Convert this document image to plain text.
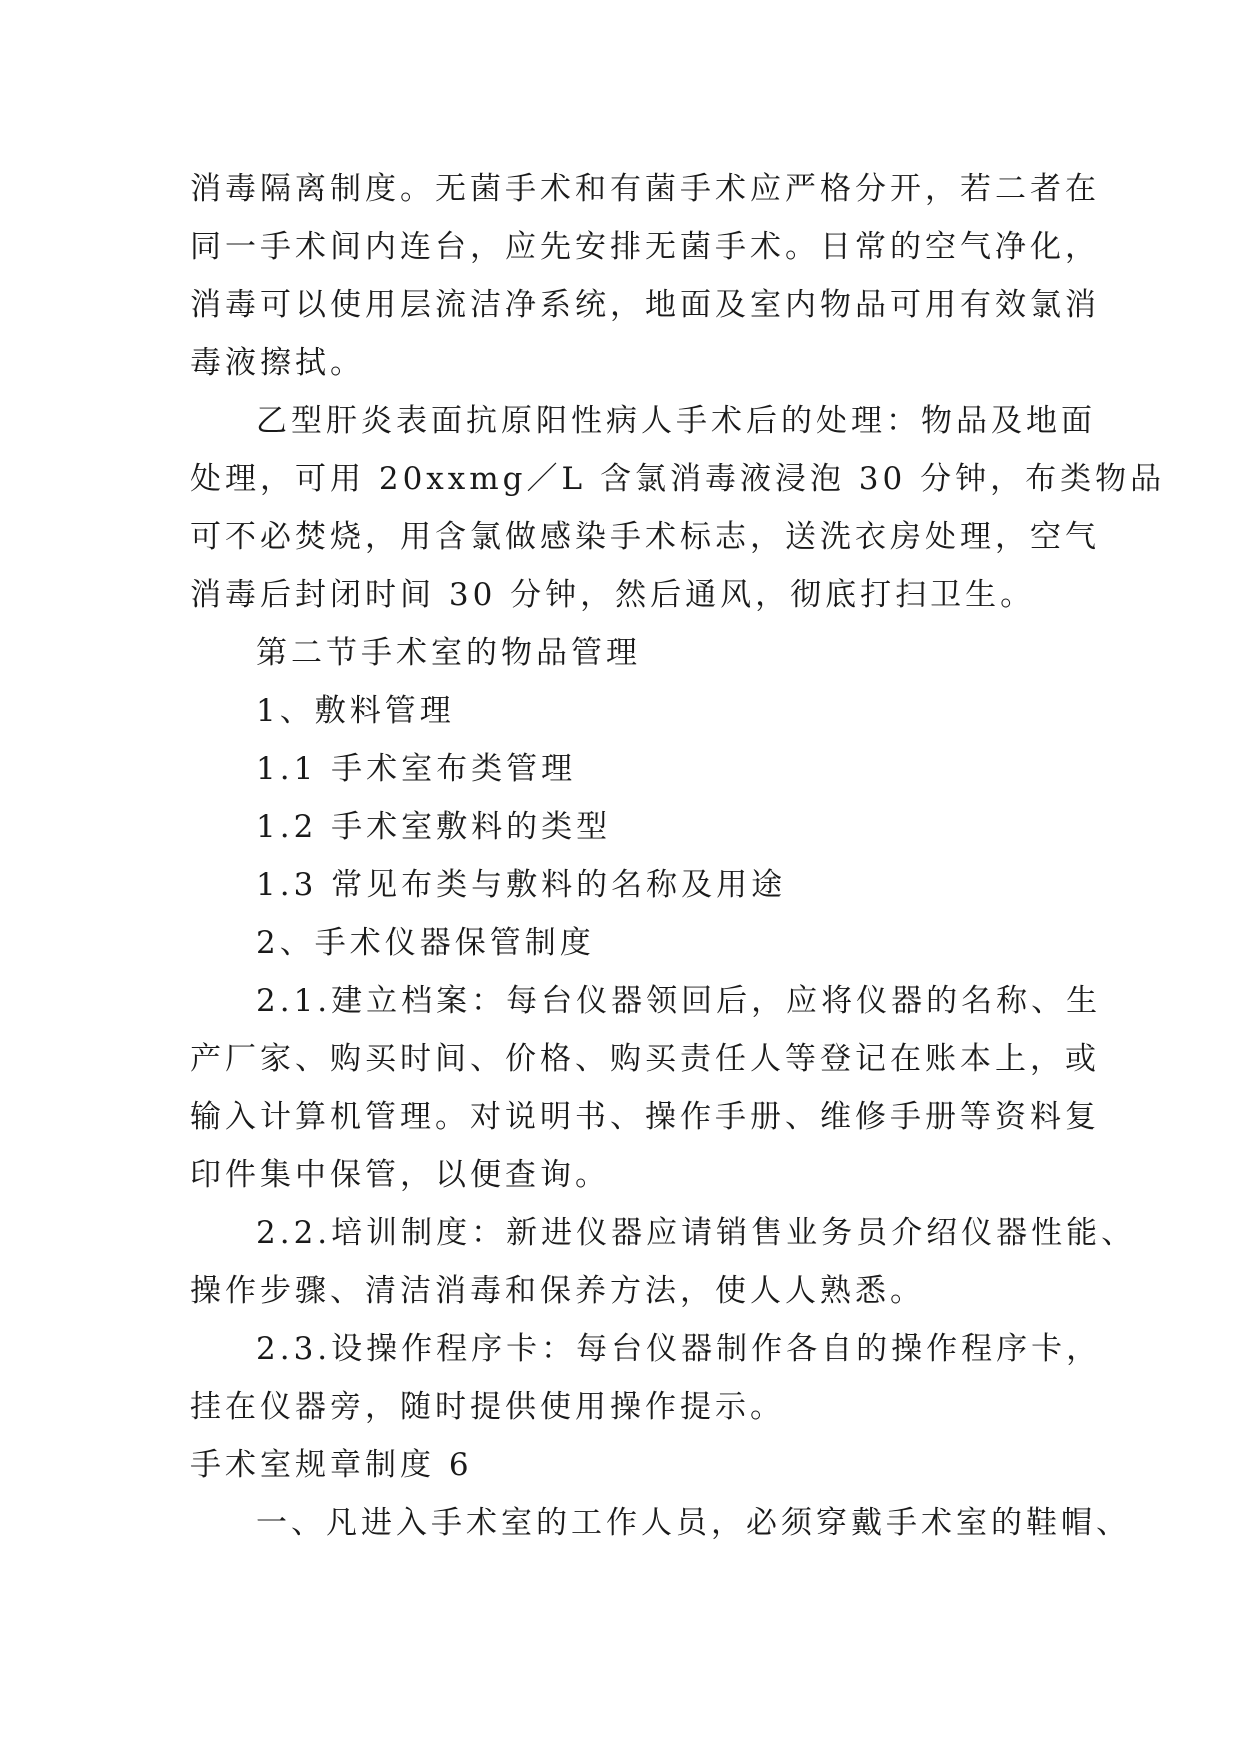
消毒隔离制度。无菌手术和有菌手术应严格分开，若二者在
同一手术间内连台，应先安排无菌手术。日常的空气净化，
消毒可以使用层流洁净系统，地面及室内物品可用有效氯消
毒液擦拭。
乙型肝炎表面抗原阳性病人手术后的处理：物品及地面
处理，可用 20xxmg／L 含氯消毒液浸泡 30 分钟，布类物品
可不必焚烧，用含氯做感染手术标志，送洗衣房处理，空气
消毒后封闭时间 30 分钟，然后通风，彻底打扫卫生。
第二节手术室的物品管理
1、敷料管理
1.1 手术室布类管理
1.2 手术室敷料的类型
1.3 常见布类与敷料的名称及用途
2、手术仪器保管制度
2.1.建立档案：每台仪器领回后，应将仪器的名称、生
产厂家、购买时间、价格、购买责任人等登记在账本上，或
输入计算机管理。对说明书、操作手册、维修手册等资料复
印件集中保管，以便查询。
2.2.培训制度：新进仪器应请销售业务员介绍仪器性能、
操作步骤、清洁消毒和保养方法，使人人熟悉。
2.3.设操作程序卡：每台仪器制作各自的操作程序卡，
挂在仪器旁，随时提供使用操作提示。
手术室规章制度 6
一、凡进入手术室的工作人员，必须穿戴手术室的鞋帽、
